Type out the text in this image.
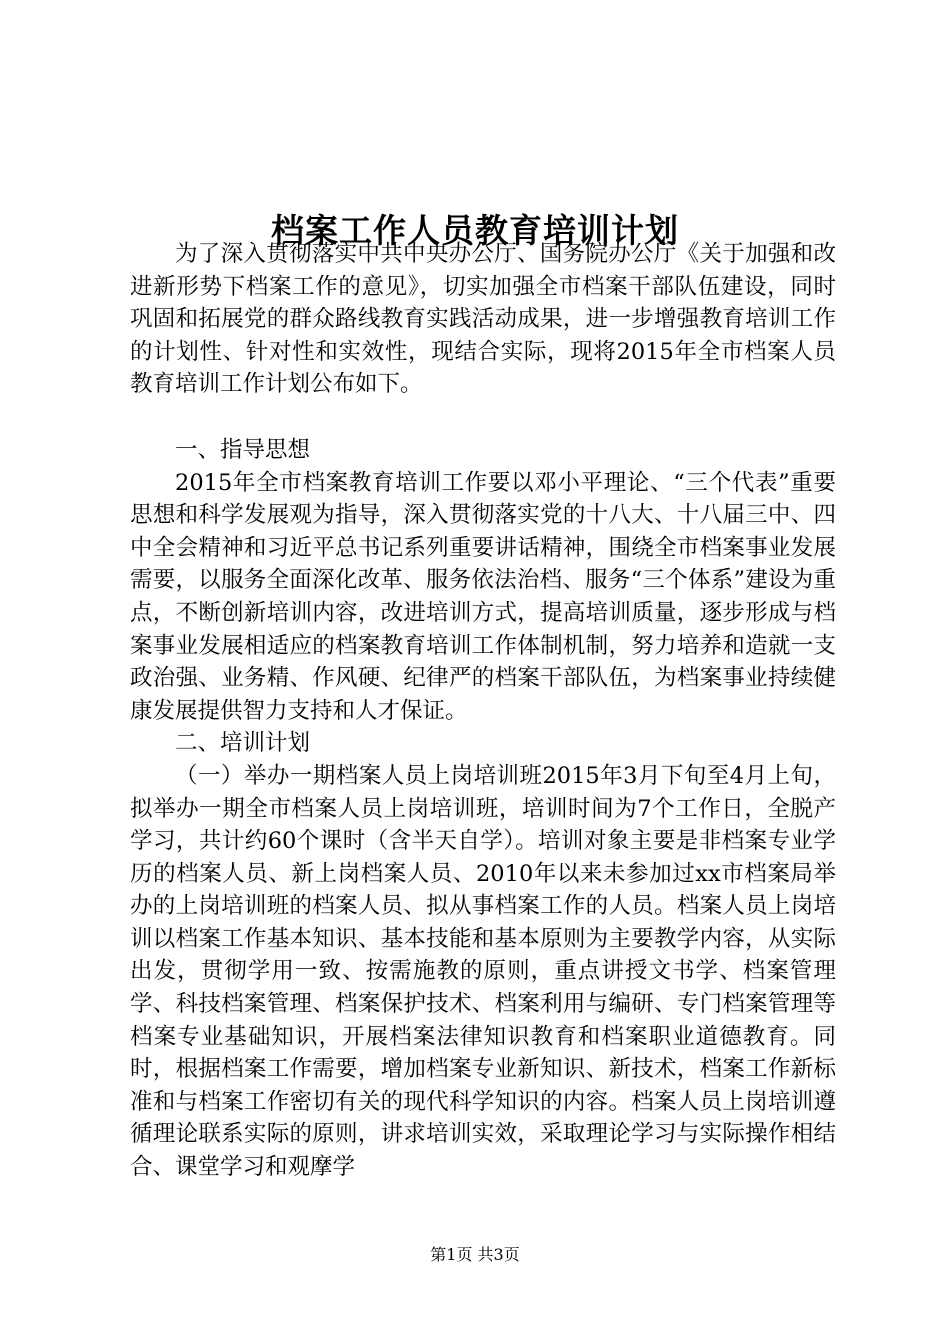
档案工作人员教育培训计划

为了深入贯彻落实中共中央办公厅、国务院办公厅《关于加强和改进新形势下档案工作的意见》，切实加强全市档案干部队伍建设，同时巩固和拓展党的群众路线教育实践活动成果，进一步增强教育培训工作的计划性、针对性和实效性，现结合实际，现将2015年全市档案人员教育培训工作计划公布如下。

一、指导思想

2015年全市档案教育培训工作要以邓小平理论、“三个代表”重要思想和科学发展观为指导，深入贯彻落实党的十八大、十八届三中、四中全会精神和习近平总书记系列重要讲话精神，围绕全市档案事业发展需要，以服务全面深化改革、服务依法治档、服务“三个体系”建设为重点，不断创新培训内容，改进培训方式，提高培训质量，逐步形成与档案事业发展相适应的档案教育培训工作体制机制，努力培养和造就一支政治强、业务精、作风硬、纪律严的档案干部队伍，为档案事业持续健康发展提供智力支持和人才保证。

二、培训计划

（一）举办一期档案人员上岗培训班2015年3月下旬至4月上旬，拟举办一期全市档案人员上岗培训班，培训时间为7个工作日，全脱产学习，共计约60个课时（含半天自学）。培训对象主要是非档案专业学历的档案人员、新上岗档案人员、2010年以来未参加过xx市档案局举办的上岗培训班的档案人员、拟从事档案工作的人员。档案人员上岗培训以档案工作基本知识、基本技能和基本原则为主要教学内容，从实际出发，贯彻学用一致、按需施教的原则，重点讲授文书学、档案管理学、科技档案管理、档案保护技术、档案利用与编研、专门档案管理等档案专业基础知识，开展档案法律知识教育和档案职业道德教育。同时，根据档案工作需要，增加档案专业新知识、新技术，档案工作新标准和与档案工作密切有关的现代科学知识的内容。档案人员上岗培训遵循理论联系实际的原则，讲求培训实效，采取理论学习与实际操作相结合、课堂学习和观摩学

第1页 共3页
